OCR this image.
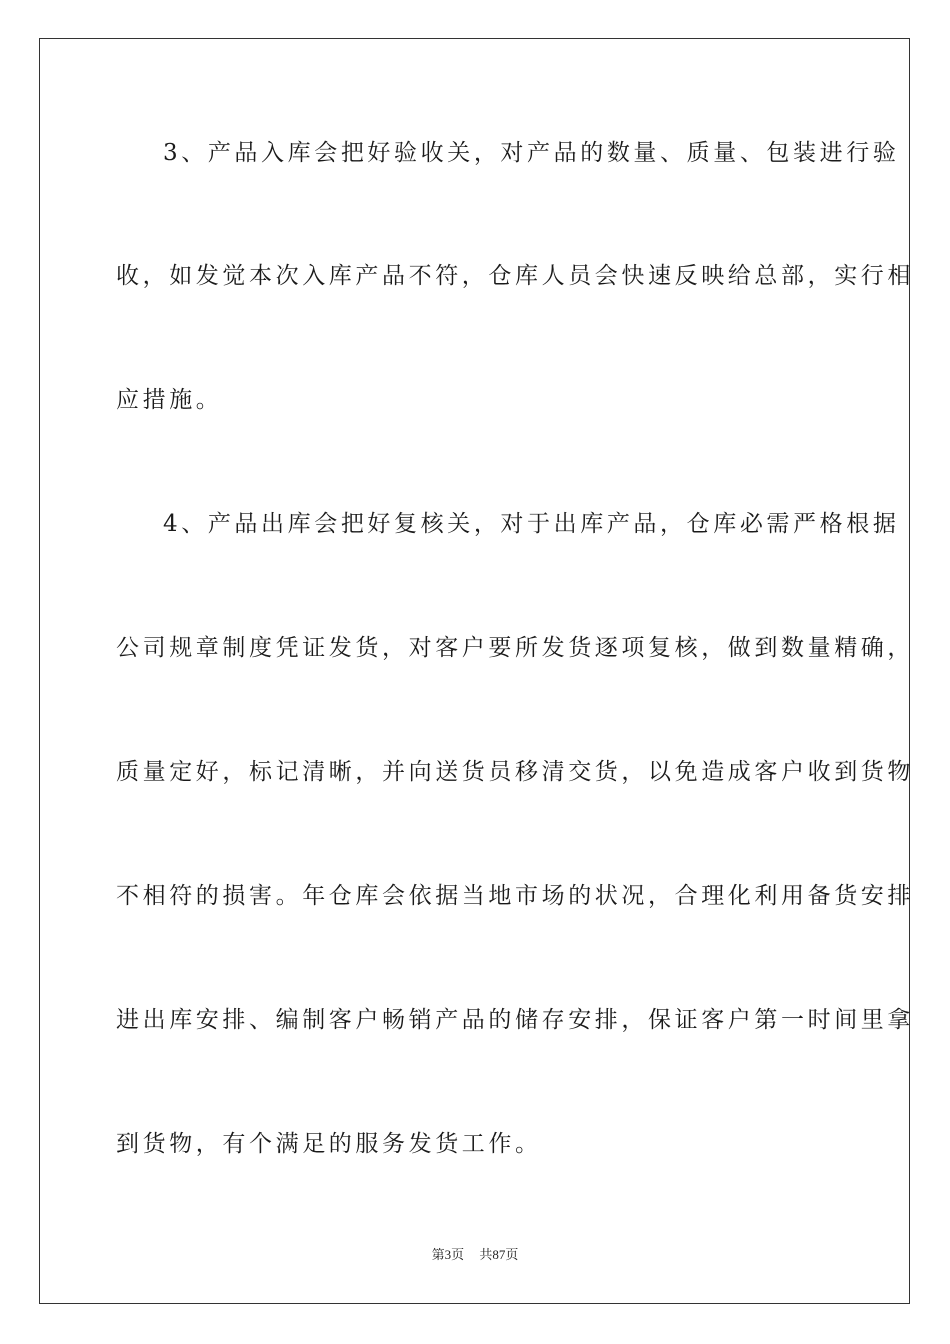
3、产品入库会把好验收关，对产品的数量、质量、包装进行验
收，如发觉本次入库产品不符，仓库人员会快速反映给总部，实行相
应措施。
4、产品出库会把好复核关，对于出库产品，仓库必需严格根据
公司规章制度凭证发货，对客户要所发货逐项复核，做到数量精确，
质量定好，标记清晰，并向送货员移清交货，以免造成客户收到货物
不相符的损害。年仓库会依据当地市场的状况，合理化利用备货安排
进出库安排、编制客户畅销产品的储存安排，保证客户第一时间里拿
到货物，有个满足的服务发货工作。
第3页 共87页
